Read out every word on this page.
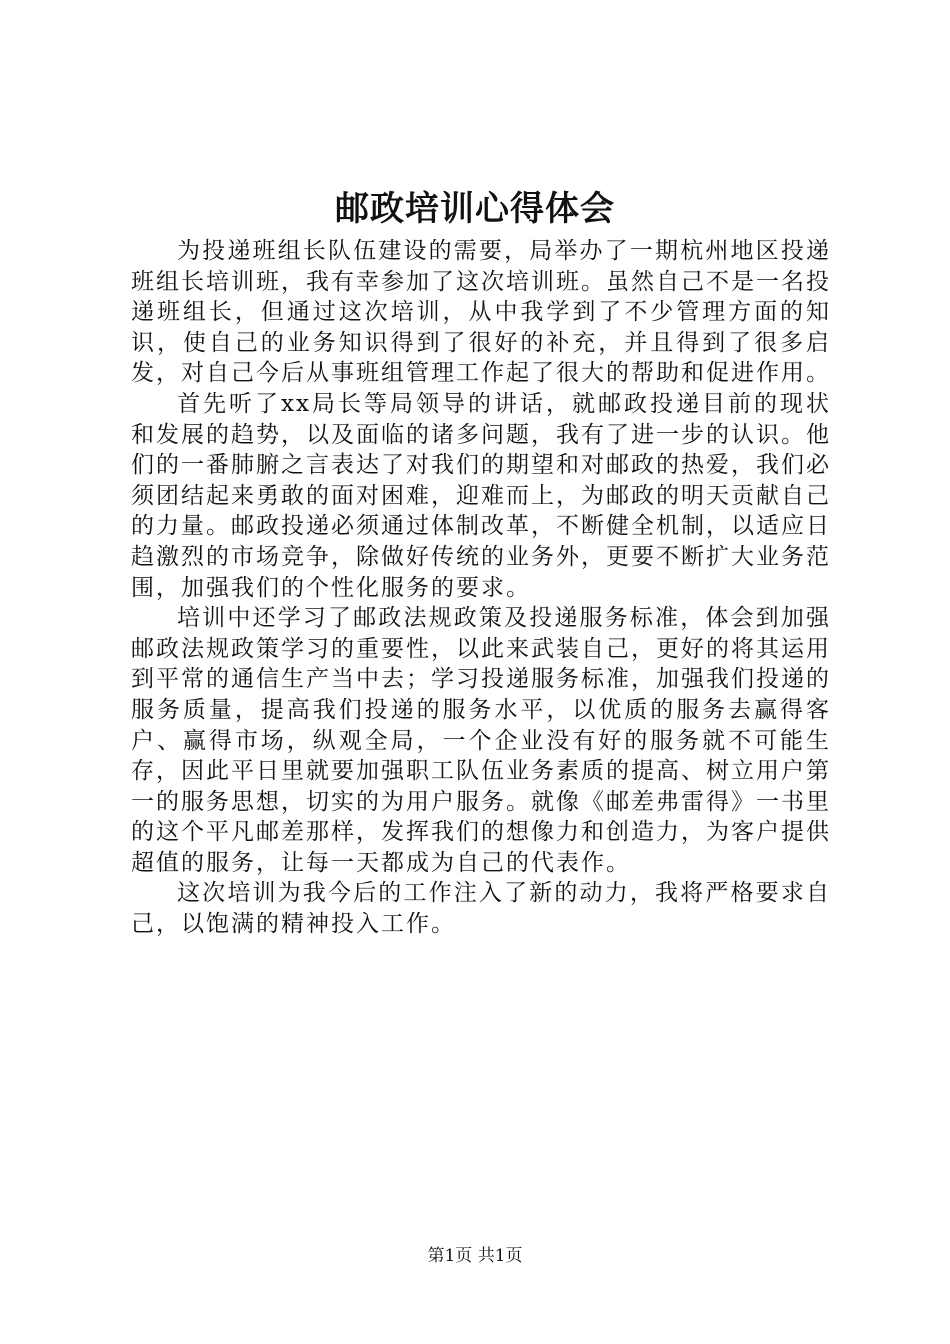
邮政培训心得体会

为投递班组长队伍建设的需要，局举办了一期杭州地区投递班组长培训班，我有幸参加了这次培训班。虽然自己不是一名投递班组长，但通过这次培训，从中我学到了不少管理方面的知识，使自己的业务知识得到了很好的补充，并且得到了很多启发，对自己今后从事班组管理工作起了很大的帮助和促进作用。

首先听了xx局长等局领导的讲话，就邮政投递目前的现状和发展的趋势，以及面临的诸多问题，我有了进一步的认识。他们的一番肺腑之言表达了对我们的期望和对邮政的热爱，我们必须团结起来勇敢的面对困难，迎难而上，为邮政的明天贡献自己的力量。邮政投递必须通过体制改革，不断健全机制，以适应日趋激烈的市场竞争，除做好传统的业务外，更要不断扩大业务范围，加强我们的个性化服务的要求。

培训中还学习了邮政法规政策及投递服务标准，体会到加强邮政法规政策学习的重要性，以此来武装自己，更好的将其运用到平常的通信生产当中去；学习投递服务标准，加强我们投递的服务质量，提高我们投递的服务水平，以优质的服务去赢得客户、赢得市场，纵观全局，一个企业没有好的服务就不可能生存，因此平日里就要加强职工队伍业务素质的提高、树立用户第一的服务思想，切实的为用户服务。就像《邮差弗雷得》一书里的这个平凡邮差那样，发挥我们的想像力和创造力，为客户提供超值的服务，让每一天都成为自己的代表作。

这次培训为我今后的工作注入了新的动力，我将严格要求自己，以饱满的精神投入工作。

第1页 共1页
